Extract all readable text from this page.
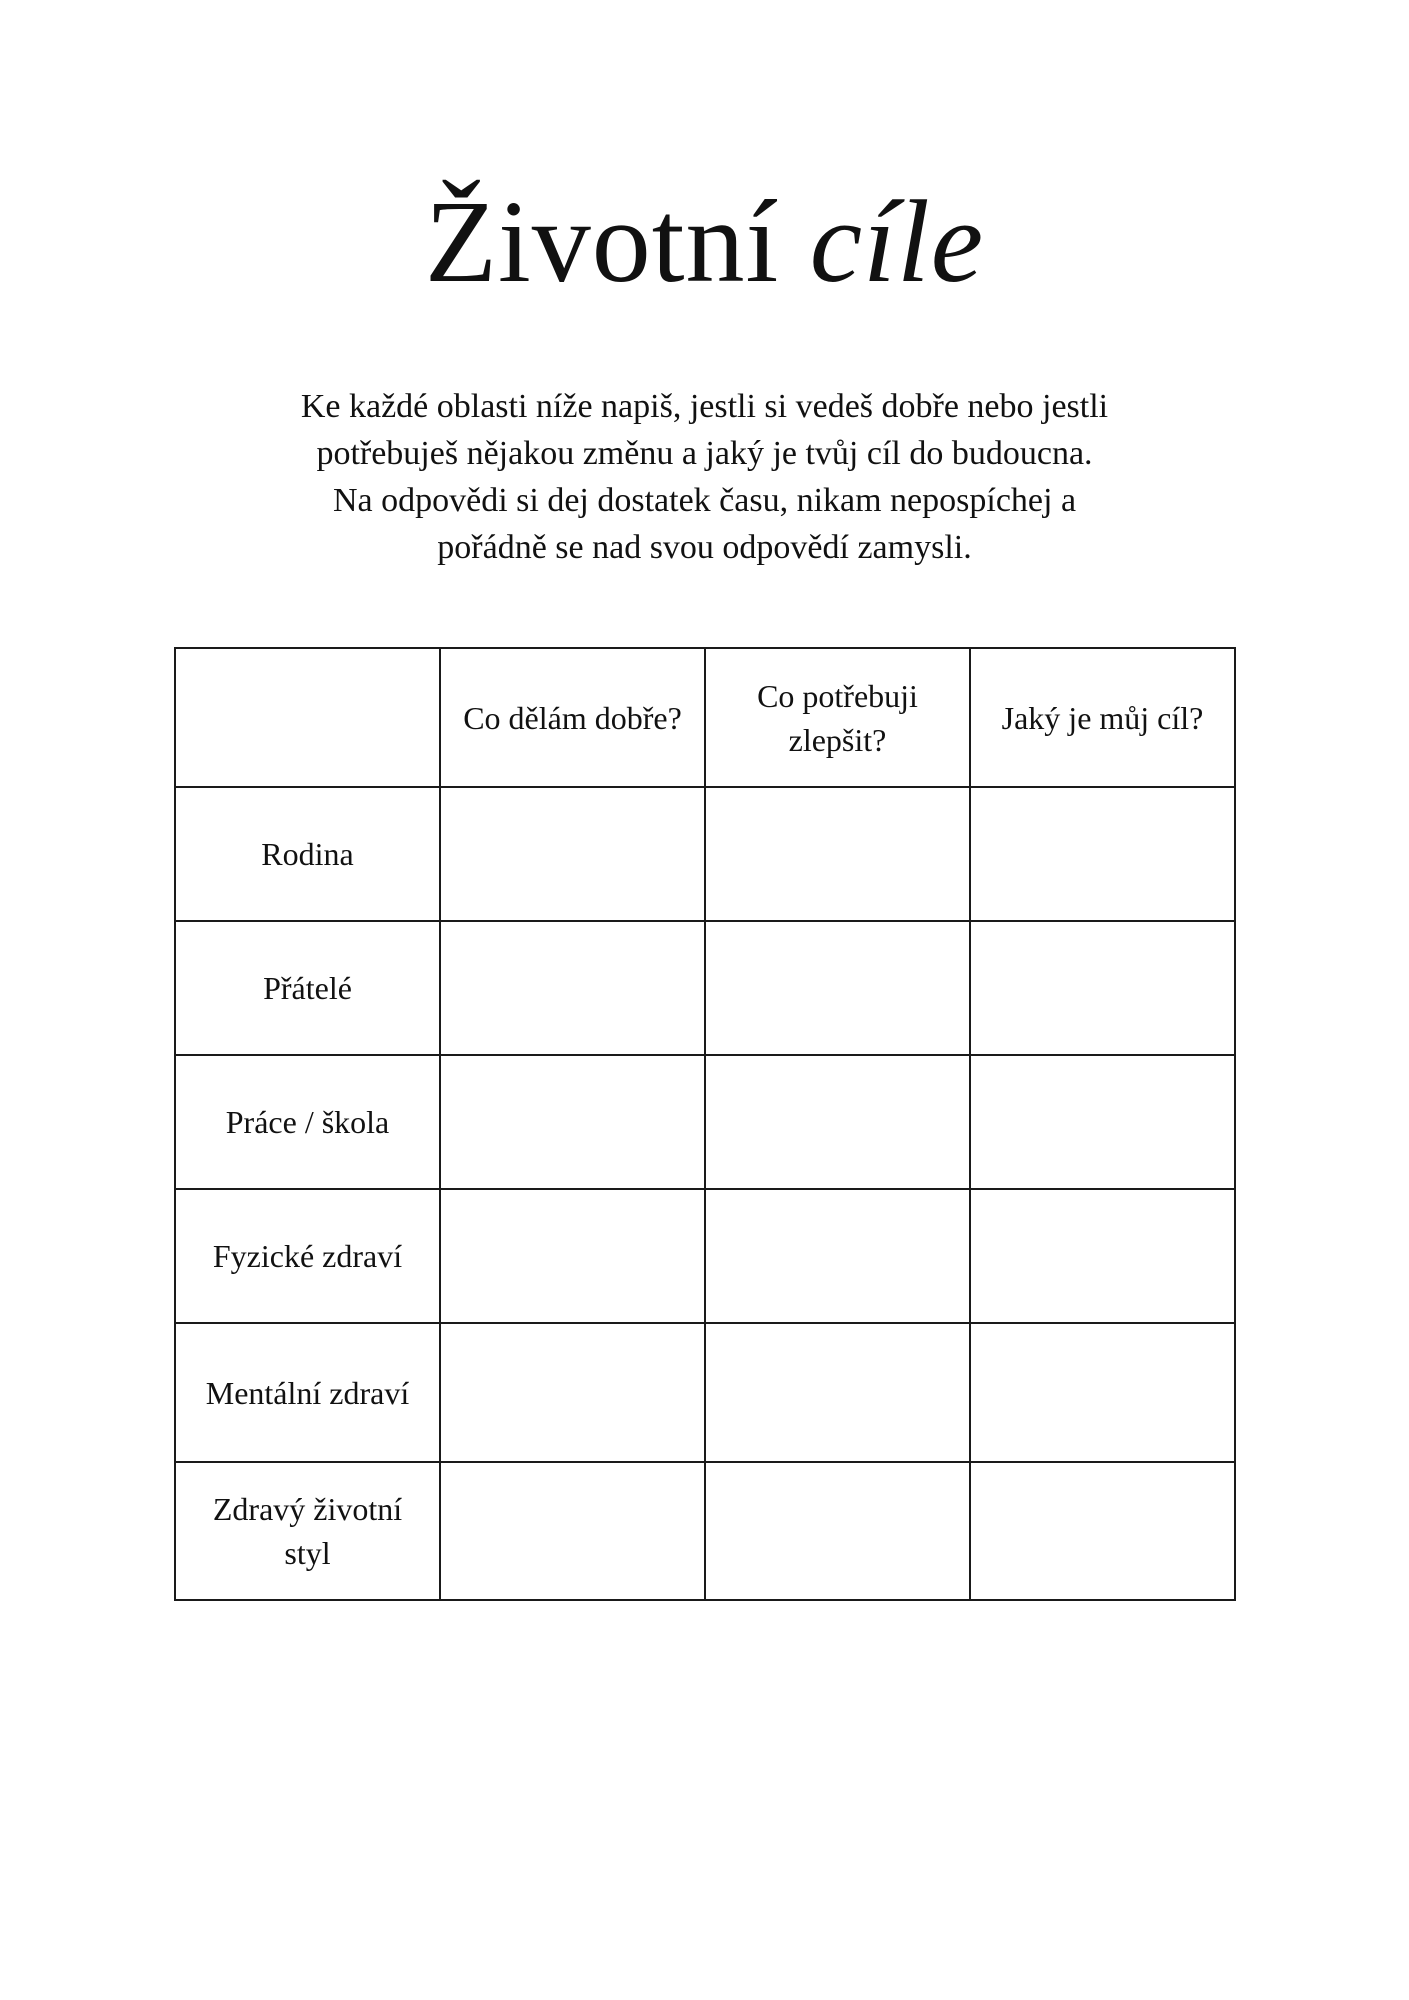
Životní cíle

Ke každé oblasti níže napiš, jestli si vedeš dobře nebo jestli
potřebuješ nějakou změnu a jaký je tvůj cíl do budoucna.
Na odpovědi si dej dostatek času, nikam nepospíchej a
pořádně se nad svou odpovědí zamysli.

	Co dělám dobře?	Co potřebuji zlepšit?	Jaký je můj cíl?
Rodina			
Přátelé			
Práce / škola			
Fyzické zdraví			
Mentální zdraví			
Zdravý životní styl			
